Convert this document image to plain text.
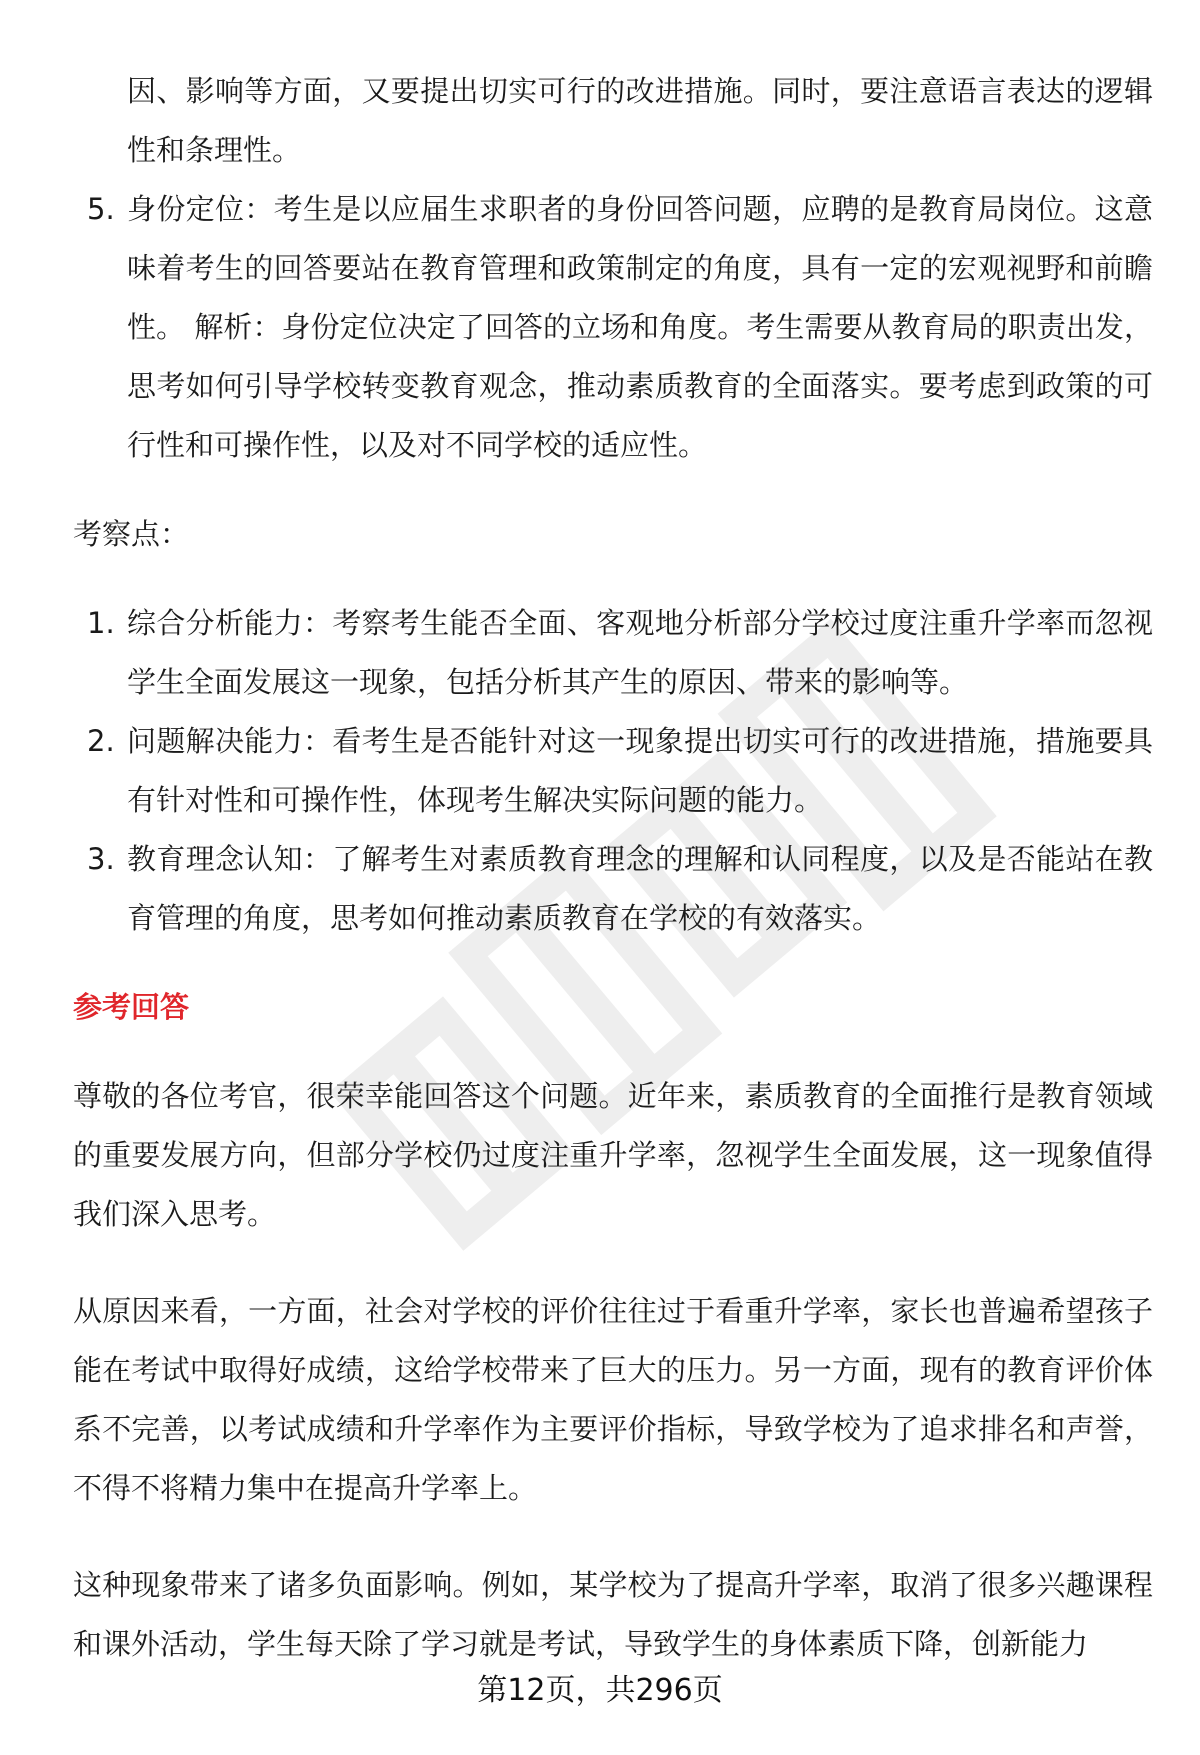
因、影响等方面，又要提出切实可行的改进措施。同时，要注意语言表达的逻辑性和条理性。

5. 身份定位：考生是以应届生求职者的身份回答问题，应聘的是教育局岗位。这意味着考生的回答要站在教育管理和政策制定的角度，具有一定的宏观视野和前瞻性。 解析：身份定位决定了回答的立场和角度。考生需要从教育局的职责出发，思考如何引导学校转变教育观念，推动素质教育的全面落实。要考虑到政策的可行性和可操作性，以及对不同学校的适应性。

考察点：

1. 综合分析能力：考察考生能否全面、客观地分析部分学校过度注重升学率而忽视学生全面发展这一现象，包括分析其产生的原因、带来的影响等。
2. 问题解决能力：看考生是否能针对这一现象提出切实可行的改进措施，措施要具有针对性和可操作性，体现考生解决实际问题的能力。
3. 教育理念认知：了解考生对素质教育理念的理解和认同程度，以及是否能站在教育管理的角度，思考如何推动素质教育在学校的有效落实。

参考回答

尊敬的各位考官，很荣幸能回答这个问题。近年来，素质教育的全面推行是教育领域的重要发展方向，但部分学校仍过度注重升学率，忽视学生全面发展，这一现象值得我们深入思考。

从原因来看，一方面，社会对学校的评价往往过于看重升学率，家长也普遍希望孩子能在考试中取得好成绩，这给学校带来了巨大的压力。另一方面，现有的教育评价体系不完善，以考试成绩和升学率作为主要评价指标，导致学校为了追求排名和声誉，不得不将精力集中在提高升学率上。

这种现象带来了诸多负面影响。例如，某学校为了提高升学率，取消了很多兴趣课程和课外活动，学生每天除了学习就是考试，导致学生的身体素质下降，创新能力

第12页，共296页
